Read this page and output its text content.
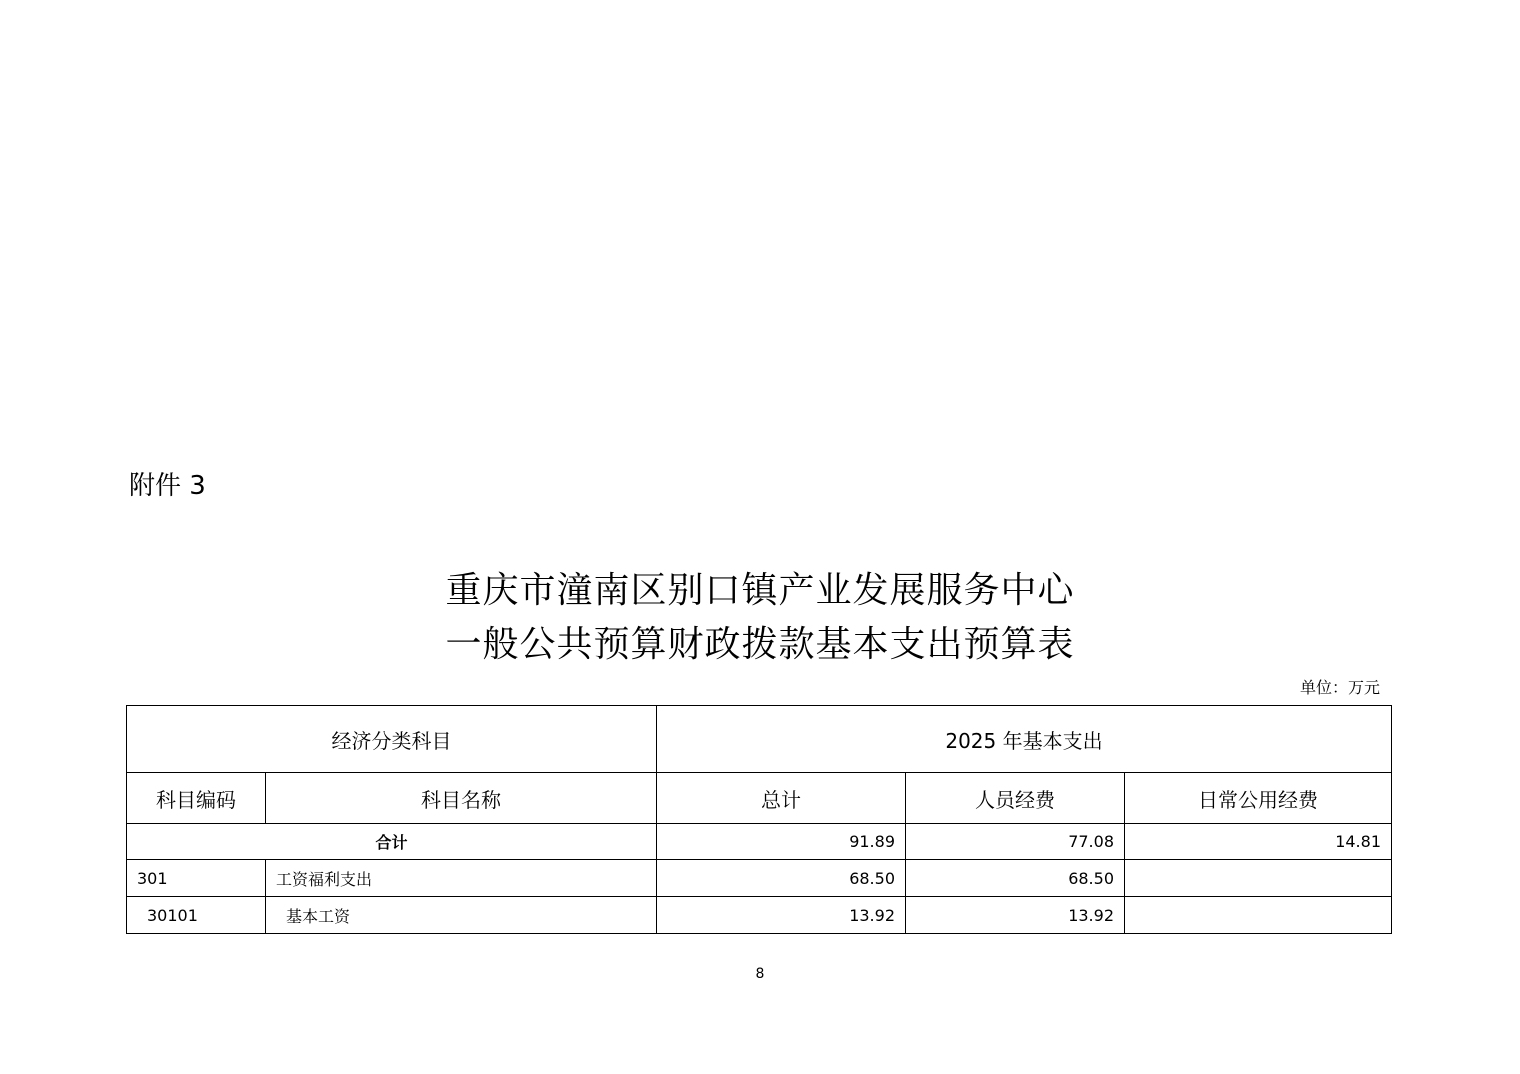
附件 3
重庆市潼南区别口镇产业发展服务中心
一般公共预算财政拨款基本支出预算表
单位：万元
经济分类科目		2025 年基本支出		
科目编码	科目名称	总计	人员经费	日常公用经费
合计		91.89	77.08	14.81
301	工资福利支出	68.50	68.50	
30101	基本工资	13.92	13.92	
8
